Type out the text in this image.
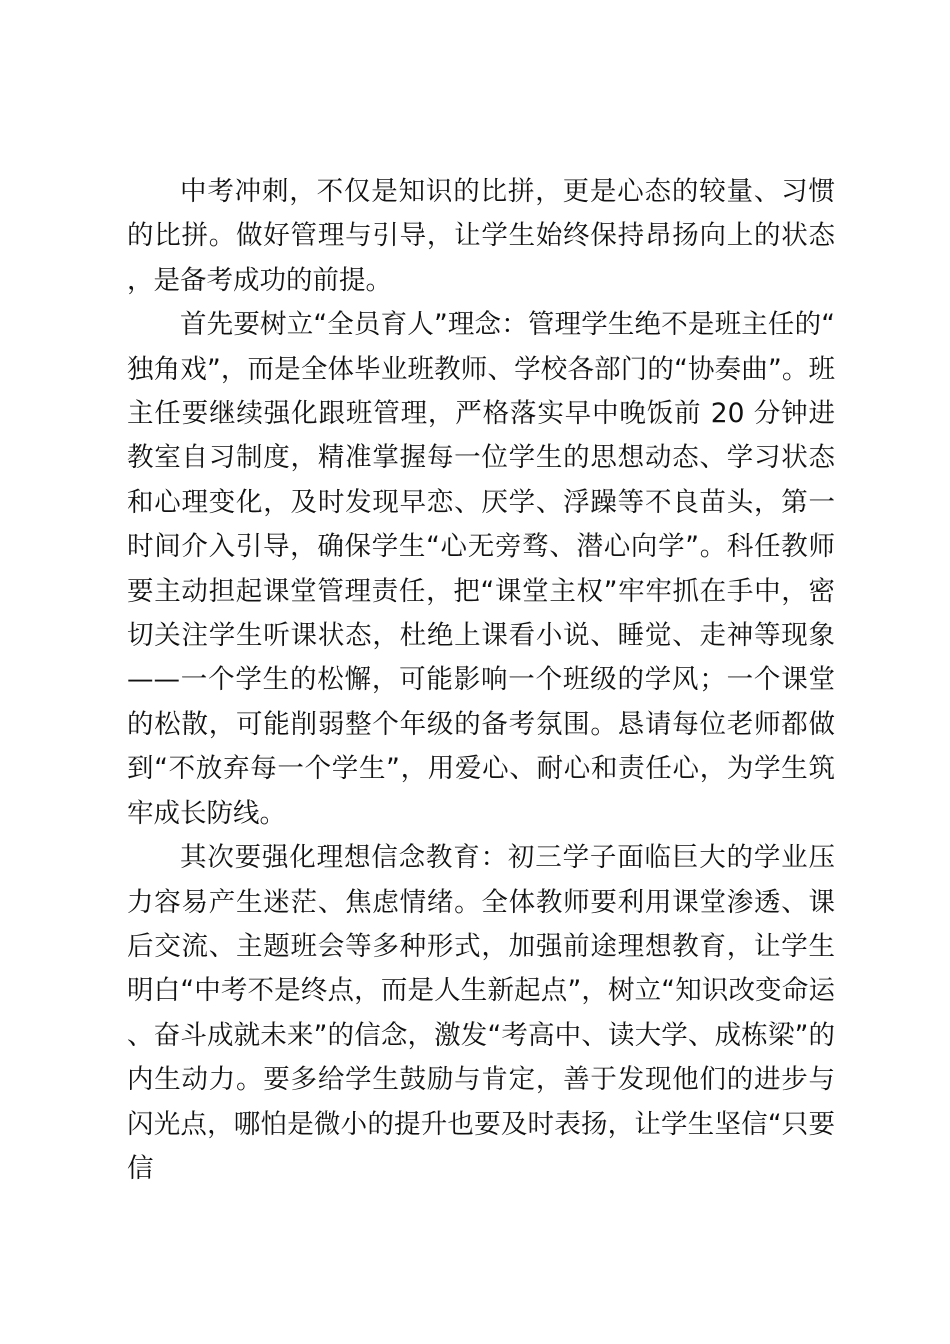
中考冲刺，不仅是知识的比拼，更是心态的较量、习惯的比拼。做好管理与引导，让学生始终保持昂扬向上的状态，是备考成功的前提。

首先要树立“全员育人”理念：管理学生绝不是班主任的“独角戏”，而是全体毕业班教师、学校各部门的“协奏曲”。班主任要继续强化跟班管理，严格落实早中晚饭前 20 分钟进教室自习制度，精准掌握每一位学生的思想动态、学习状态和心理变化，及时发现早恋、厌学、浮躁等不良苗头，第一时间介入引导，确保学生“心无旁骛、潜心向学”。科任教师要主动担起课堂管理责任，把“课堂主权”牢牢抓在手中，密切关注学生听课状态，杜绝上课看小说、睡觉、走神等现象——一个学生的松懈，可能影响一个班级的学风；一个课堂的松散，可能削弱整个年级的备考氛围。恳请每位老师都做到“不放弃每一个学生”，用爱心、耐心和责任心，为学生筑牢成长防线。

其次要强化理想信念教育：初三学子面临巨大的学业压力容易产生迷茫、焦虑情绪。全体教师要利用课堂渗透、课后交流、主题班会等多种形式，加强前途理想教育，让学生明白“中考不是终点，而是人生新起点”，树立“知识改变命运、奋斗成就未来”的信念，激发“考高中、读大学、成栋梁”的内生动力。要多给学生鼓励与肯定，善于发现他们的进步与闪光点，哪怕是微小的提升也要及时表扬，让学生坚信“只要信
